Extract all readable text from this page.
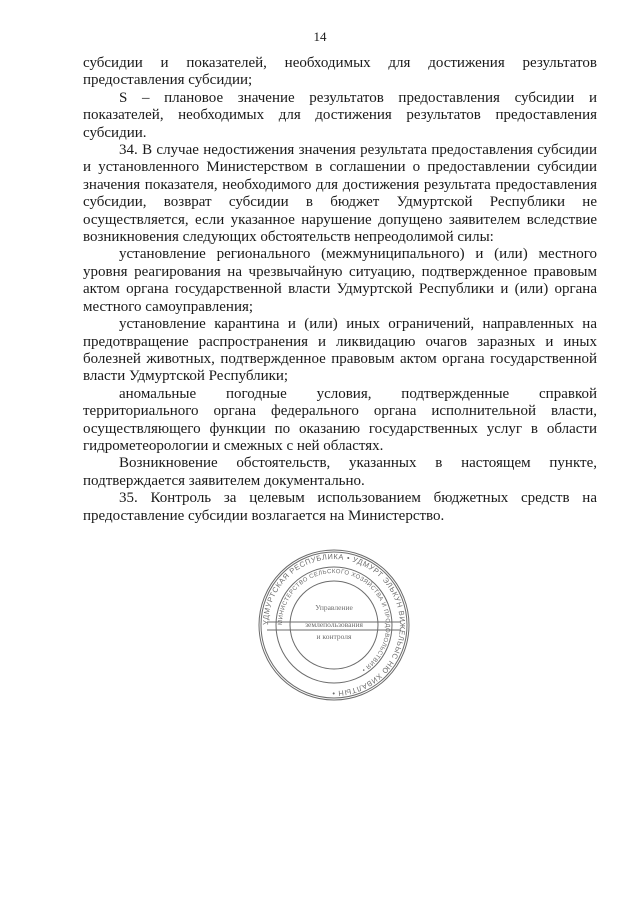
14

субсидии и показателей, необходимых для достижения результатов предоставления субсидии;

S – плановое значение результатов предоставления субсидии и показателей, необходимых для достижения результатов предоставления субсидии.

34. В случае недостижения значения результата предоставления субсидии и установленного Министерством в соглашении о предоставлении субсидии значения показателя, необходимого для достижения результата предоставления субсидии, возврат субсидии в бюджет Удмуртской Республики не осуществляется, если указанное нарушение допущено заявителем вследствие возникновения следующих обстоятельств непреодолимой силы:

установление регионального (межмуниципального) и (или) местного уровня реагирования на чрезвычайную ситуацию, подтвержденное правовым актом органа государственной власти Удмуртской Республики и (или) органа местного самоуправления;

установление карантина и (или) иных ограничений, направленных на предотвращение распространения и ликвидацию очагов заразных и иных болезней животных, подтвержденное правовым актом органа государственной власти Удмуртской Республики;

аномальные погодные условия, подтвержденные справкой территориального органа федерального органа исполнительной власти, осуществляющего функции по оказанию государственных услуг в области гидрометеорологии и смежных с ней областях.

Возникновение обстоятельств, указанных в настоящем пункте, подтверждается заявителем документально.

35. Контроль за целевым использованием бюджетных средств на предоставление субсидии возлагается на Министерство.

УДМУРТСКАЯ РЕСПУБЛИКА • УДМУРТ ЭЛЬКУН ВИЖЕЛЬЫС НЮ ХИВАЛТЫН •
МИНИСТЕРСТВО СЕЛЬСКОГО ХОЗЯЙСТВА И ПРОДОВОЛЬСТВИЯ •
Управление
землепользования
и контроля
